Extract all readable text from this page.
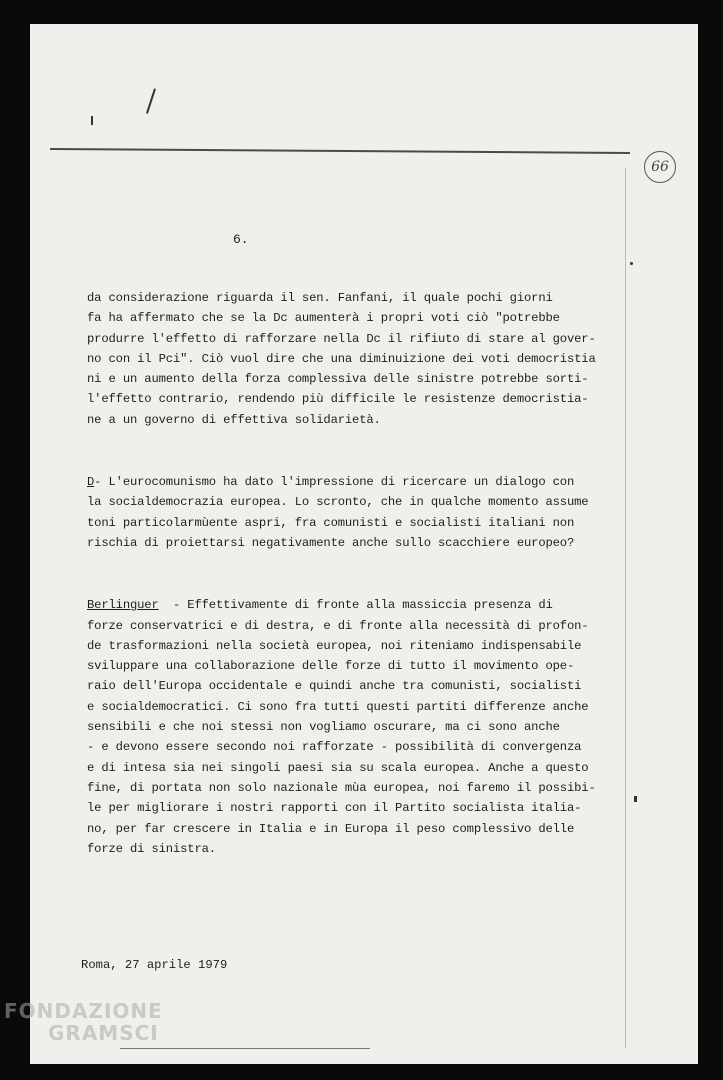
66
6.
da considerazione riguarda il sen. Fanfani, il quale pochi giorni
fa ha affermato che se la Dc aumenterà i propri voti ciò "potrebbe
produrre l'effetto di rafforzare nella Dc il rifiuto di stare al gover-
no con il Pci". Ciò vuol dire che una diminuizione dei voti democristia
ni e un aumento della forza complessiva delle sinistre potrebbe sorti-
l'effetto contrario, rendendo più difficile le resistenze democristia-
ne a un governo di effettiva solidarietà.
D- L'eurocomunismo ha dato l'impressione di ricercare un dialogo con
la socialdemocrazia europea. Lo scronto, che in qualche momento assume
toni particolarmùente aspri, fra comunisti e socialisti italiani non
rischia di proiettarsi negativamente anche sullo scacchiere europeo?
Berlinguer  - Effettivamente di fronte alla massiccia presenza di
forze conservatrici e di destra, e di fronte alla necessità di profon-
de trasformazioni nella società europea, noi riteniamo indispensabile
sviluppare una collaborazione delle forze di tutto il movimento ope-
raio dell'Europa occidentale e quindi anche tra comunisti, socialisti
e socialdemocratici. Ci sono fra tutti questi partiti differenze anche
sensibili e che noi stessi non vogliamo oscurare, ma ci sono anche
- e devono essere secondo noi rafforzate - possibilità di convergenza
e di intesa sia nei singoli paesi sia su scala europea. Anche a questo
fine, di portata non solo nazionale mùa europea, noi faremo il possibi-
le per migliorare i nostri rapporti con il Partito socialista italia-
no, per far crescere in Italia e in Europa il peso complessivo delle
forze di sinistra.
Roma, 27 aprile 1979
FONDAZIONE
GRAMSCI
